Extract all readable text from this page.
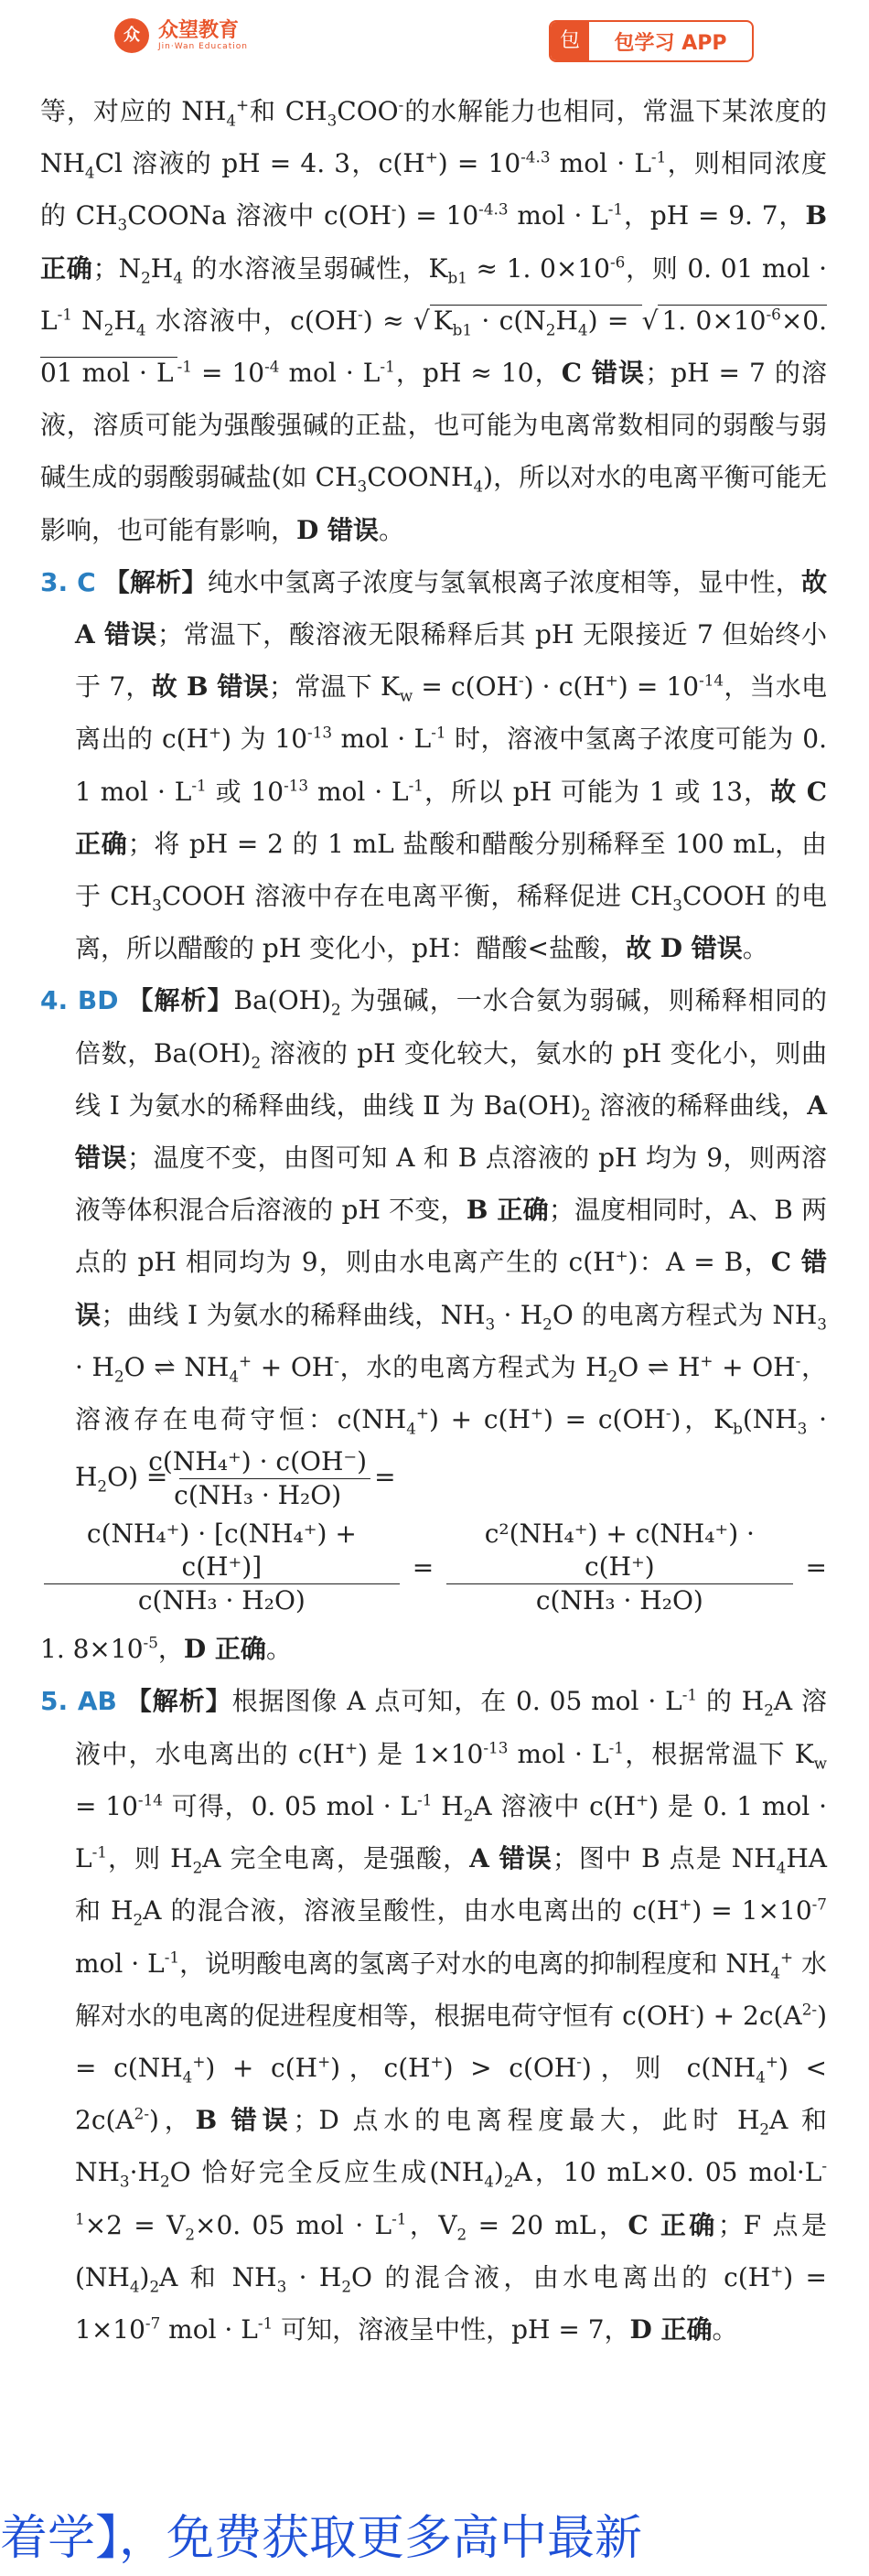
众 众望教育
Jin·Wan Education	包	包学习 APP

等，对应的 $NH_4^+$和 $CH_3COO^-$的水解能力也相同，常温下某浓度的 $NH_4Cl$ 溶液的 pH = 4. 3，$c(H^+) = 10^{-4.3}$ mol · $L^{-1}$，则相同浓度的 $CH_3COONa$ 溶液中 $c(OH^-) = 10^{-4.3}$ mol · $L^{-1}$，pH = 9. 7，B 正确；$N_2H_4$ 的水溶液呈弱碱性，$K_{b1} \approx 1$. $0\times 10^{-6}$，则 0. 01 mol · $L^{-1}$ $N_2H_4$ 水溶液中，c(OH-) ≈ √ $K_{b1} \cdot c(N_2H_4)$ = √ 1. $0\times 10^{-6}\times 0$. 01 mol · L $^{-1} = 10^{-4}$ mol · $L^{-1}$，pH ≈ 10，C 错误；pH = 7 的溶液，溶质可能为强酸强碱的正盐，也可能为电离常数相同的弱酸与弱碱生成的弱酸弱碱盐(如 $CH_3COONH_4$)，所以对水的电离平衡可能无影响，也可能有影响，D 错误。

3. C 【解析】纯水中氢离子浓度与氢氧根离子浓度相等，显中性，故 A 错误；常温下，酸溶液无限稀释后其 pH 无限接近 7 但始终小于 7，故 B 错误；常温下 $K_w = c(OH^-) \cdot c(H^+) = 10^{-14}$，当水电离出的 c(H+) 为 $10^{-13}$ mol · $L^{-1}$ 时，溶液中氢离子浓度可能为 0. 1 mol · $L^{-1}$ 或 $10^{-13}$ mol · $L^{-1}$，所以 pH 可能为 1 或 13，故 C 正确；将 pH = 2 的 1 mL 盐酸和醋酸分别稀释至 100 mL，由于 $CH_3COOH$ 溶液中存在电离平衡，稀释促进 $CH_3COOH$ 的电离，所以醋酸的 pH 变化小，pH：醋酸<盐酸，故 D 错误。

4. BD 【解析】$Ba(OH)_2$ 为强碱，一水合氨为弱碱，则稀释相同的倍数，$Ba(OH)_2$ 溶液的 pH 变化较大，氨水的 pH 变化小，则曲线 Ⅰ 为氨水的稀释曲线，曲线 Ⅱ 为 $Ba(OH)_2$ 溶液的稀释曲线，A 错误；温度不变，由图可知 A 和 B 点溶液的 pH 均为 9，则两溶液等体积混合后溶液的 pH 不变，B 正确；温度相同时，A、B 两点的 pH 相同均为 9，则由水电离产生的 c(H+)：A = B，C 错误；曲线 Ⅰ 为氨水的稀释曲线，$NH_3 \cdot H_2O$ 的电离方程式为 $NH_3 \cdot H_2O$ ⇌ $NH_4^+ + OH^-$，水的电离方程式为 $H_2O$ ⇌ H+ + OH-，溶液存在电荷守恒：$c(NH_4^+) + c(H^+) = c(OH^-)$，$K_b(NH_3 \cdot H_2O) = \frac{\text{c(NH₄⁺) · c(OH⁻)}}{\text{c(NH₃ · H₂O)}}$ =

$\frac{\text{c(NH₄⁺) · [c(NH₄⁺) + c(H⁺)]}}{\text{c(NH₃ · H₂O)}} = \frac{\text{c²(NH₄⁺) + c(NH₄⁺) · c(H⁺)}}{\text{c(NH₃ · H₂O)}}$ =

1. $8\times 10^{-5}$，D 正确。

5. AB 【解析】根据图像 A 点可知，在 0. 05 mol · $L^{-1}$ 的 $H_2A$ 溶液中，水电离出的 c(H+) 是 $1\times 10^{-13}$ mol · $L^{-1}$，根据常温下 $K_w = 10^{-14}$ 可得，0. 05 mol · $L^{-1}$ $H_2A$ 溶液中 c(H+) 是 0. 1 mol · $L^{-1}$，则 $H_2A$ 完全电离，是强酸，A 错误；图中 B 点是 $NH_4HA$ 和 $H_2A$ 的混合液，溶液呈酸性，由水电离出的 $c(H^+) = 1\times 10^{-7}$ mol · $L^{-1}$，说明酸电离的氢离子对水的电离的抑制程度和 $NH_4^+$ 水解对水的电离的促进程度相等，根据电荷守恒有 $c(OH^-) + 2c(A^{2-}) = c(NH_4^+) + c(H^+)$，c(H+) > c(OH-)，则 $c(NH_4^+) < 2c(A^{2-})$，B 错误；D 点水的电离程度最大，此时 $H_2A$ 和 $NH_3\cdot H_2O$ 恰好完全反应生成$(NH_4)_2A$，10 mL×0. 05 $mol\cdot L^{-1}\times 2 = V_2\times 0$. 05 mol · $L^{-1}$，$V_2 = 20$ mL，C 正确；F 点是$(NH_4)_2A$ 和 $NH_3 \cdot H_2O$ 的混合液，由水电离出的 $c(H^+) = 1\times 10^{-7}$ mol · $L^{-1}$ 可知，溶液呈中性，pH = 7，D 正确。

着学】，免费获取更多高中最新
